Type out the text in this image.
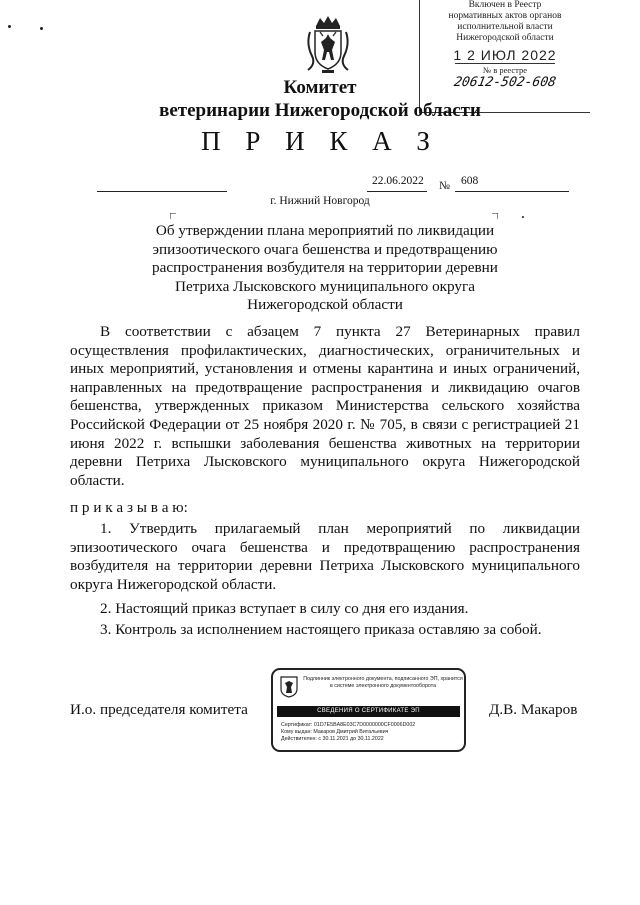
Включен в Реестр
нормативных актов органов
исполнительной власти
Нижегородской области
1 2 ИЮЛ 2022
№ в реестре
20612-502-608
Комитет
ветеринарии Нижегородской области
П Р И К А З
22.06.2022 № 608
г. Нижний Новгород
Об утверждении плана мероприятий по ликвидации эпизоотического очага бешенства и предотвращению распространения возбудителя на территории деревни Петриха Лысковского муниципального округа Нижегородской области
В соответствии с абзацем 7 пункта 27 Ветеринарных правил осуществления профилактических, диагностических, ограничительных и иных мероприятий, установления и отмены карантина и иных ограничений, направленных на предотвращение распространения и ликвидацию очагов бешенства, утвержденных приказом Министерства сельского хозяйства Российской Федерации от 25 ноября 2020 г. № 705, в связи с регистрацией 21 июня 2022 г. вспышки заболевания бешенства животных на территории деревни Петриха Лысковского муниципального округа Нижегородской области.
п р и к а з ы в а ю:
1. Утвердить прилагаемый план мероприятий по ликвидации эпизоотического очага бешенства и предотвращению распространения возбудителя на территории деревни Петриха Лысковского муниципального округа Нижегородской области.
2. Настоящий приказ вступает в силу со дня его издания.
3. Контроль за исполнением настоящего приказа оставляю за собой.
И.о. председателя комитета	Д.В. Макаров
Подлинник электронного документа, подписанного ЭП, хранится в системе электронного документооборота
СВЕДЕНИЯ О СЕРТИФИКАТЕ ЭП
Сертификат: 01D7E5BA8E03C7D0000000CF0006D002
Кому выдан: Макаров Дмитрий Витальевич
Действителен: с 30.11.2021 до 30.11.2022
